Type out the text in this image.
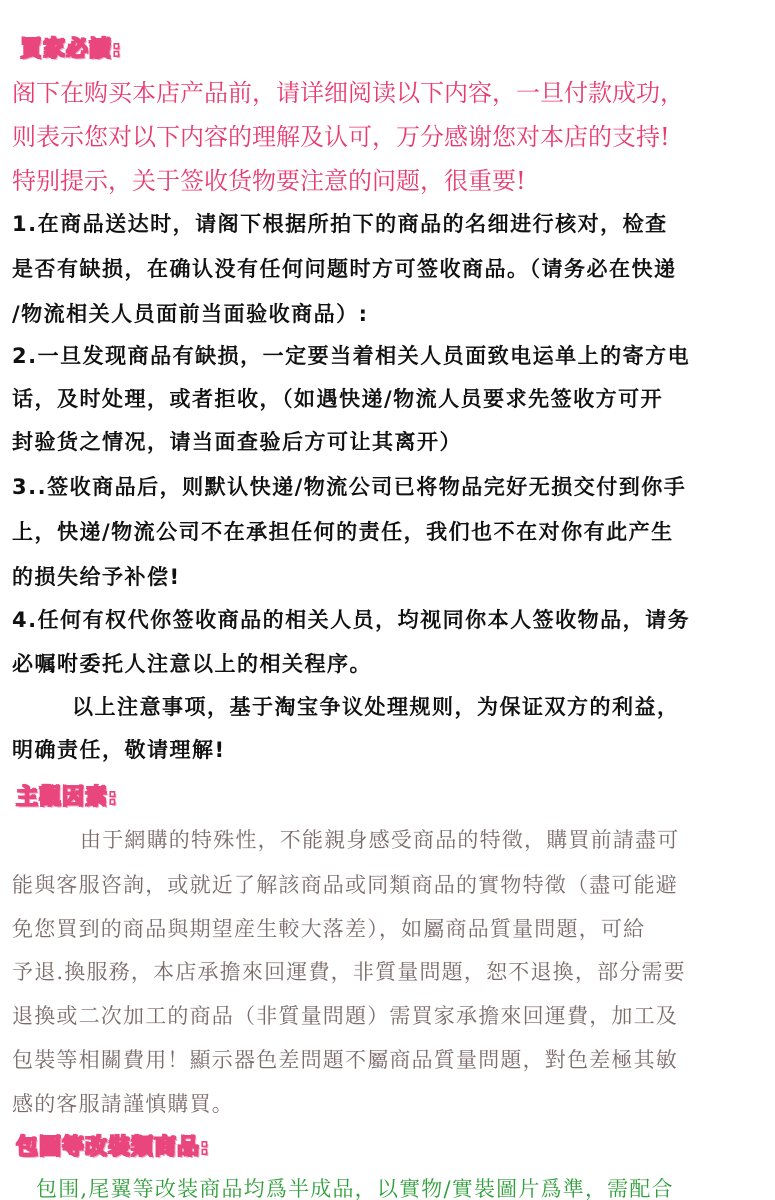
買家必讀:
阁下在购买本店产品前，请详细阅读以下内容，一旦付款成功，
则表示您对以下内容的理解及认可，万分感谢您对本店的支持!
特别提示，关于签收货物要注意的问题，很重要!
1.在商品送达时，请阁下根据所拍下的商品的名细进行核对，检查
是否有缺损，在确认没有任何问题时方可签收商品。（请务必在快递
/物流相关人员面前当面验收商品）:
2.一旦发现商品有缺损，一定要当着相关人员面致电运单上的寄方电
话，及时处理，或者拒收，（如遇快递/物流人员要求先签收方可开
封验货之情况，请当面查验后方可让其离开）
3..签收商品后，则默认快递/物流公司已将物品完好无损交付到你手
上，快递/物流公司不在承担任何的责任，我们也不在对你有此产生
的损失给予补偿!
4.任何有权代你签收商品的相关人员，均视同你本人签收物品，请务
必嘱咐委托人注意以上的相关程序。
以上注意事项，基于淘宝争议处理规则，为保证双方的利益，
明确责任，敬请理解!
主觀因素:
由于網購的特殊性，不能親身感受商品的特徵，購買前請盡可
能與客服咨詢，或就近了解該商品或同類商品的實物特徵（盡可能避
免您買到的商品與期望産生較大落差），如屬商品質量問題，可給
予退.換服務，本店承擔來回運費，非質量問題，恕不退換，部分需要
退換或二次加工的商品（非質量問題）需買家承擔來回運費，加工及
包裝等相關費用！顯示器色差問題不屬商品質量問題，對色差極其敏
感的客服請謹慎購買。
包圍等改裝類商品:
包围,尾翼等改装商品均爲半成品，以實物/實裝圖片爲準，需配合
